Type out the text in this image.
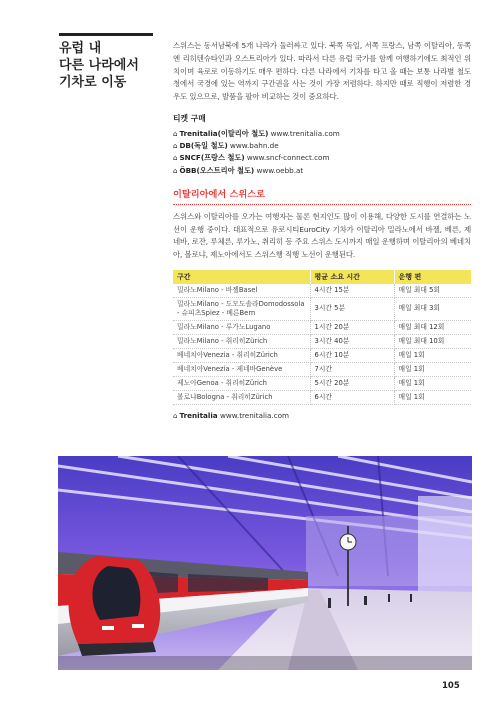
유럽 내
다른 나라에서
기차로 이동

스위스는 동서남북에 5개 나라가 둘러싸고 있다. 북쪽 독일, 서쪽 프랑스, 남쪽 이탈리아, 동쪽엔 리히텐슈타인과 오스트리아가 있다. 따라서 다른 유럽 국가를 함께 여행하기에도 최적인 위치이며 육로로 이동하기도 매우 편하다. 다른 나라에서 기차를 타고 올 때는 보통 나라별 철도청에서 국경에 있는 역까지 구간권을 사는 것이 가장 저렴하다. 하지만 때로 직행이 저렴한 경우도 있으므로, 발품을 팔아 비교하는 것이 중요하다.

티켓 구매
⌂ Trenitalia(이탈리아 철도) www.trenitalia.com
⌂ DB(독일 철도) www.bahn.de
⌂ SNCF(프랑스 철도) www.sncf-connect.com
⌂ ÖBB(오스트리아 철도) www.oebb.at
이탈리아에서 스위스로

스위스와 이탈리아를 오가는 여행자는 물론 현지인도 많이 이용해, 다양한 도시를 연결하는 노선이 운행 중이다. 대표적으로 유로시티EuroCity 기차가 이탈리아 밀라노에서 바젤, 베른, 제네바, 로잔, 루체른, 루가노, 취리히 등 주요 스위스 도시까지 매일 운행하며 이탈리아의 베네치아, 볼로냐, 제노아에서도 스위스행 직행 노선이 운행된다.

구간	평균 소요 시간	운행 편
밀라노Milano - 바젤Basel	4시간 15분	매일 최대 5회
밀라노Milano - 도모도솔라Domodossola - 슈피츠Spiez - 베른Bern	3시간 5분	매일 최대 3회
밀라노Milano - 루가노Lugano	1시간 20분	매일 최대 12회
밀라노Milano - 취리히Zürich	3시간 40분	매일 최대 10회
베네치아Venezia - 취리히Zürich	6시간 10분	매일 1회
베네치아Venezia - 제네바Genève	7시간	매일 1회
제노아Genoa - 취리히Zürich	5시간 20분	매일 1회
볼로냐Bologna - 취리히Zürich	6시간	매일 1회
⌂ Trenitalia www.trenitalia.com
105
